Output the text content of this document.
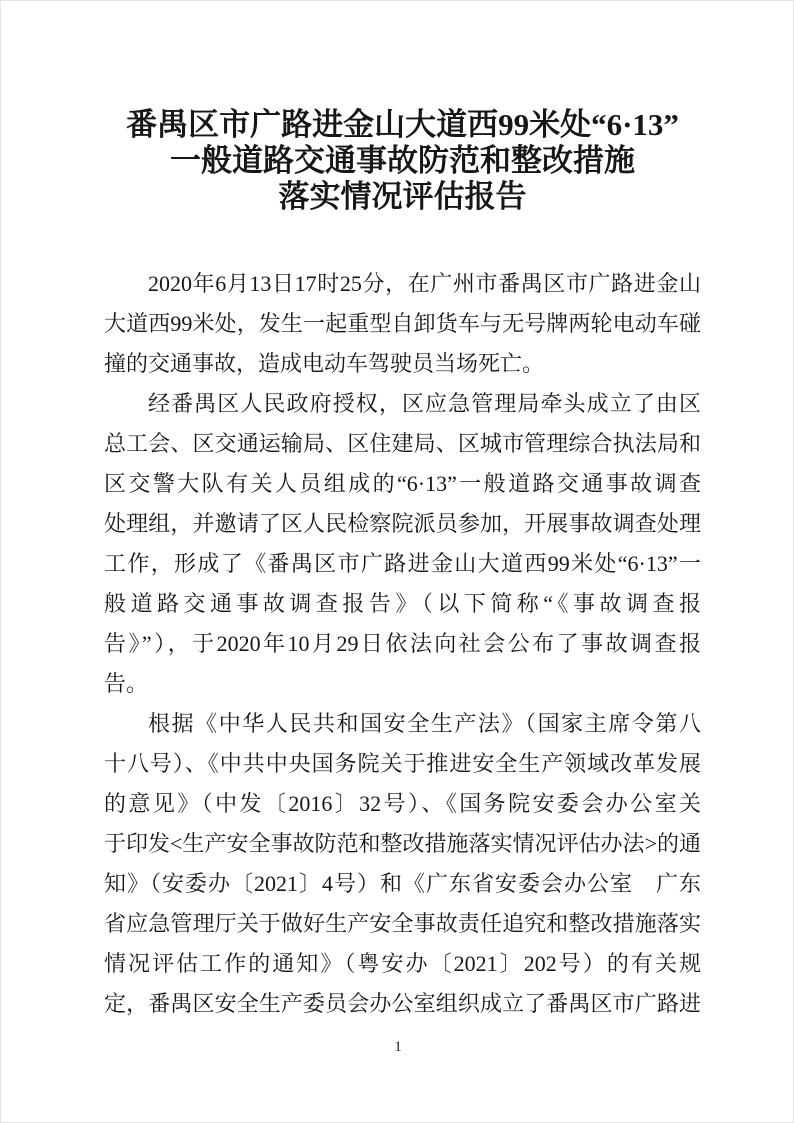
番禺区市广路进金山大道西99米处“6·13”
一般道路交通事故防范和整改措施
落实情况评估报告
2020年6月13日17时25分，在广州市番禺区市广路进金山
大道西99米处，发生一起重型自卸货车与无号牌两轮电动车碰
撞的交通事故，造成电动车驾驶员当场死亡。
经番禺区人民政府授权，区应急管理局牵头成立了由区
总工会、区交通运输局、区住建局、区城市管理综合执法局和
区交警大队有关人员组成的“6·13”一般道路交通事故调查
处理组，并邀请了区人民检察院派员参加，开展事故调查处理
工作，形成了《番禺区市广路进金山大道西99米处“6·13”一
般道路交通事故调查报告》（以下简称“《事故调查报
告》”），于2020年10月29日依法向社会公布了事故调查报
告。
根据《中华人民共和国安全生产法》（国家主席令第八
十八号）、《中共中央国务院关于推进安全生产领域改革发展
的意见》（中发〔2016〕32号）、《国务院安委会办公室关
于印发<生产安全事故防范和整改措施落实情况评估办法>的通
知》（安委办〔2021〕4号）和《广东省安委会办公室　广东
省应急管理厅关于做好生产安全事故责任追究和整改措施落实
情况评估工作的通知》（粤安办〔2021〕202号）的有关规
定，番禺区安全生产委员会办公室组织成立了番禺区市广路进
1
